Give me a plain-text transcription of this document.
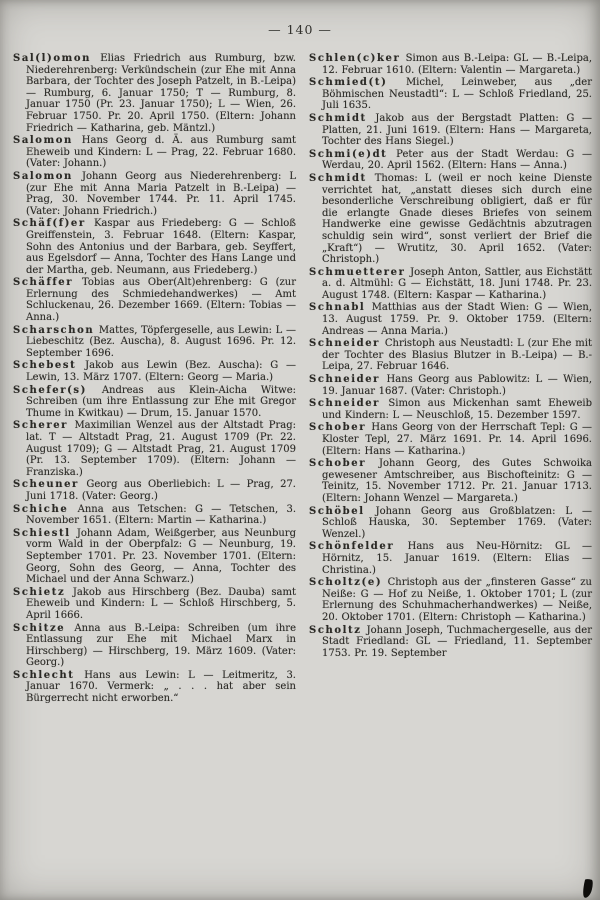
— 140 —

Sal(l)omon Elias Friedrich aus Rumburg, bzw. Niederehrenberg: Verkündschein (zur Ehe mit Anna Barbara, der Tochter des Joseph Patzelt, in B.-Leipa) — Rumburg, 6. Januar 1750; T — Rumburg, 8. Januar 1750 (Pr. 23. Januar 1750); L — Wien, 26. Februar 1750. Pr. 20. April 1750. (Eltern: Johann Friedrich — Katharina, geb. Mäntzl.)

Salomon Hans Georg d. Ä. aus Rumburg samt Eheweib und Kindern: L — Prag, 22. Februar 1680. (Vater: Johann.)

Salomon Johann Georg aus Niederehrenberg: L (zur Ehe mit Anna Maria Patzelt in B.-Leipa) — Prag, 30. November 1744. Pr. 11. April 1745. (Vater: Johann Friedrich.)

Schäf(f)er Kaspar aus Friedeberg: G — Schloß Greiffenstein, 3. Februar 1648. (Eltern: Kaspar, Sohn des Antonius und der Barbara, geb. Seyffert, aus Egelsdorf — Anna, Tochter des Hans Lange und der Martha, geb. Neumann, aus Friedeberg.)

Schäffer Tobias aus Ober(Alt)ehrenberg: G (zur Erlernung des Schmiedehandwerkes) — Amt Schluckenau, 26. Dezember 1669. (Eltern: Tobias — Anna.)

Scharschon Mattes, Töpfergeselle, aus Lewin: L — Liebeschitz (Bez. Auscha), 8. August 1696. Pr. 12. September 1696.

Schebest Jakob aus Lewin (Bez. Auscha): G — Lewin, 13. März 1707. (Eltern: Georg — Maria.)

Schefer(s) Andreas aus Klein-Aicha Witwe: Schreiben (um ihre Entlassung zur Ehe mit Gregor Thume in Kwitkau) — Drum, 15. Januar 1570.

Scherer Maximilian Wenzel aus der Altstadt Prag: lat. T — Altstadt Prag, 21. August 1709 (Pr. 22. August 1709); G — Altstadt Prag, 21. August 1709 (Pr. 13. September 1709). (Eltern: Johann — Franziska.)

Scheuner Georg aus Oberliebich: L — Prag, 27. Juni 1718. (Vater: Georg.)

Schiche Anna aus Tetschen: G — Tetschen, 3. November 1651. (Eltern: Martin — Katharina.)

Schiestl Johann Adam, Weißgerber, aus Neunburg vorm Wald in der Oberpfalz: G — Neunburg, 19. September 1701. Pr. 23. November 1701. (Eltern: Georg, Sohn des Georg, — Anna, Tochter des Michael und der Anna Schwarz.)

Schietz Jakob aus Hirschberg (Bez. Dauba) samt Eheweib und Kindern: L — Schloß Hirschberg, 5. April 1666.

Schitze Anna aus B.-Leipa: Schreiben (um ihre Entlassung zur Ehe mit Michael Marx in Hirschberg) — Hirschberg, 19. März 1609. (Vater: Georg.)

Schlecht Hans aus Lewin: L — Leitmeritz, 3. Januar 1670. Vermerk: „ . . . hat aber sein Bürgerrecht nicht erworben.“

Schlen(c)ker Simon aus B.-Leipa: GL — B.-Leipa, 12. Februar 1610. (Eltern: Valentin — Margareta.)

Schmied(t) Michel, Leinweber, aus „der Böhmischen Neustadtl“: L — Schloß Friedland, 25. Juli 1635.

Schmidt Jakob aus der Bergstadt Platten: G — Platten, 21. Juni 1619. (Eltern: Hans — Margareta, Tochter des Hans Siegel.)

Schmi(e)dt Peter aus der Stadt Werdau: G — Werdau, 20. April 1562. (Eltern: Hans — Anna.)

Schmidt Thomas: L (weil er noch keine Dienste verrichtet hat, „anstatt dieses sich durch eine besonderliche Verschreibung obligiert, daß er für die erlangte Gnade dieses Briefes von seinem Handwerke eine gewisse Gedächtnis abzutragen schuldig sein wird“, sonst verliert der Brief die „Kraft“) — Wrutitz, 30. April 1652. (Vater: Christoph.)

Schmuetterer Joseph Anton, Sattler, aus Eichstätt a. d. Altmühl: G — Eichstätt, 18. Juni 1748. Pr. 23. August 1748. (Eltern: Kaspar — Katharina.)

Schnabl Matthias aus der Stadt Wien: G — Wien, 13. August 1759. Pr. 9. Oktober 1759. (Eltern: Andreas — Anna Maria.)

Schneider Christoph aus Neustadtl: L (zur Ehe mit der Tochter des Blasius Blutzer in B.-Leipa) — B.-Leipa, 27. Februar 1646.

Schneider Hans Georg aus Pablowitz: L — Wien, 19. Januar 1687. (Vater: Christoph.)

Schneider Simon aus Mickenhan samt Eheweib und Kindern: L — Neuschloß, 15. Dezember 1597.

Schober Hans Georg von der Herrschaft Tepl: G — Kloster Tepl, 27. März 1691. Pr. 14. April 1696. (Eltern: Hans — Katharina.)

Schober Johann Georg, des Gutes Schwoika gewesener Amtschreiber, aus Bischofteinitz: G — Teinitz, 15. November 1712. Pr. 21. Januar 1713. (Eltern: Johann Wenzel — Margareta.)

Schöbel Johann Georg aus Großblatzen: L — Schloß Hauska, 30. September 1769. (Vater: Wenzel.)

Schönfelder Hans aus Neu-Hörnitz: GL — Hörnitz, 15. Januar 1619. (Eltern: Elias — Christina.)

Scholtz(e) Christoph aus der „finsteren Gasse“ zu Neiße: G — Hof zu Neiße, 1. Oktober 1701; L (zur Erlernung des Schuhmacherhandwerkes) — Neiße, 20. Oktober 1701. (Eltern: Christoph — Katharina.)

Scholtz Johann Joseph, Tuchmachergeselle, aus der Stadt Friedland: GL — Friedland, 11. September 1753. Pr. 19. September
